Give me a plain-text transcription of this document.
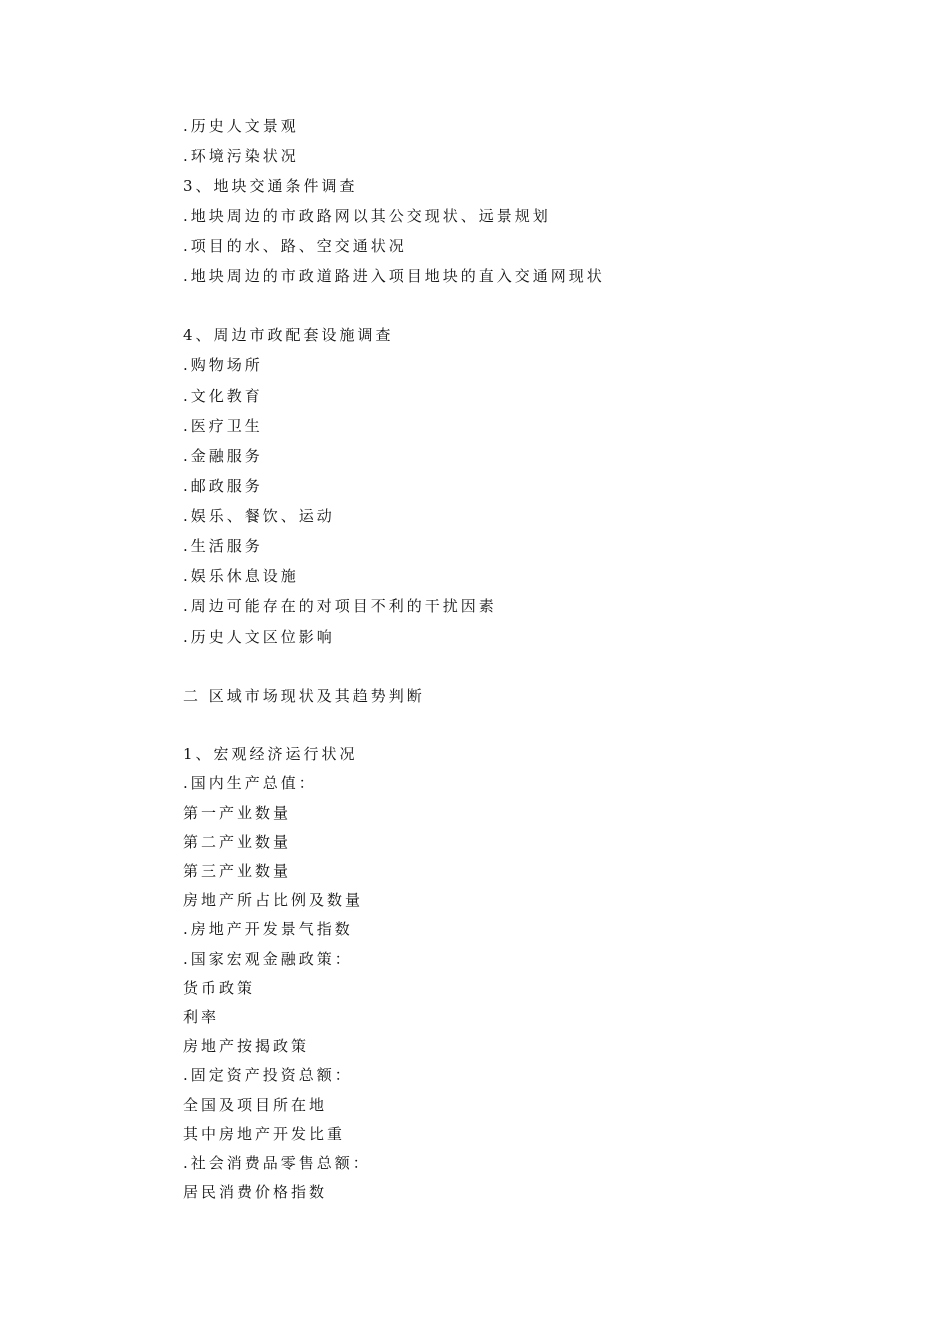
.历史人文景观
.环境污染状况
3、地块交通条件调查
.地块周边的市政路网以其公交现状、远景规划
.项目的水、路、空交通状况
.地块周边的市政道路进入项目地块的直入交通网现状
4、周边市政配套设施调查
.购物场所
.文化教育
.医疗卫生
.金融服务
.邮政服务
.娱乐、餐饮、运动
.生活服务
.娱乐休息设施
.周边可能存在的对项目不利的干扰因素
.历史人文区位影响
二 区域市场现状及其趋势判断
1、宏观经济运行状况
.国内生产总值：
第一产业数量
第二产业数量
第三产业数量
房地产所占比例及数量
.房地产开发景气指数
.国家宏观金融政策：
货币政策
利率
房地产按揭政策
.固定资产投资总额：
全国及项目所在地
其中房地产开发比重
.社会消费品零售总额：
居民消费价格指数
